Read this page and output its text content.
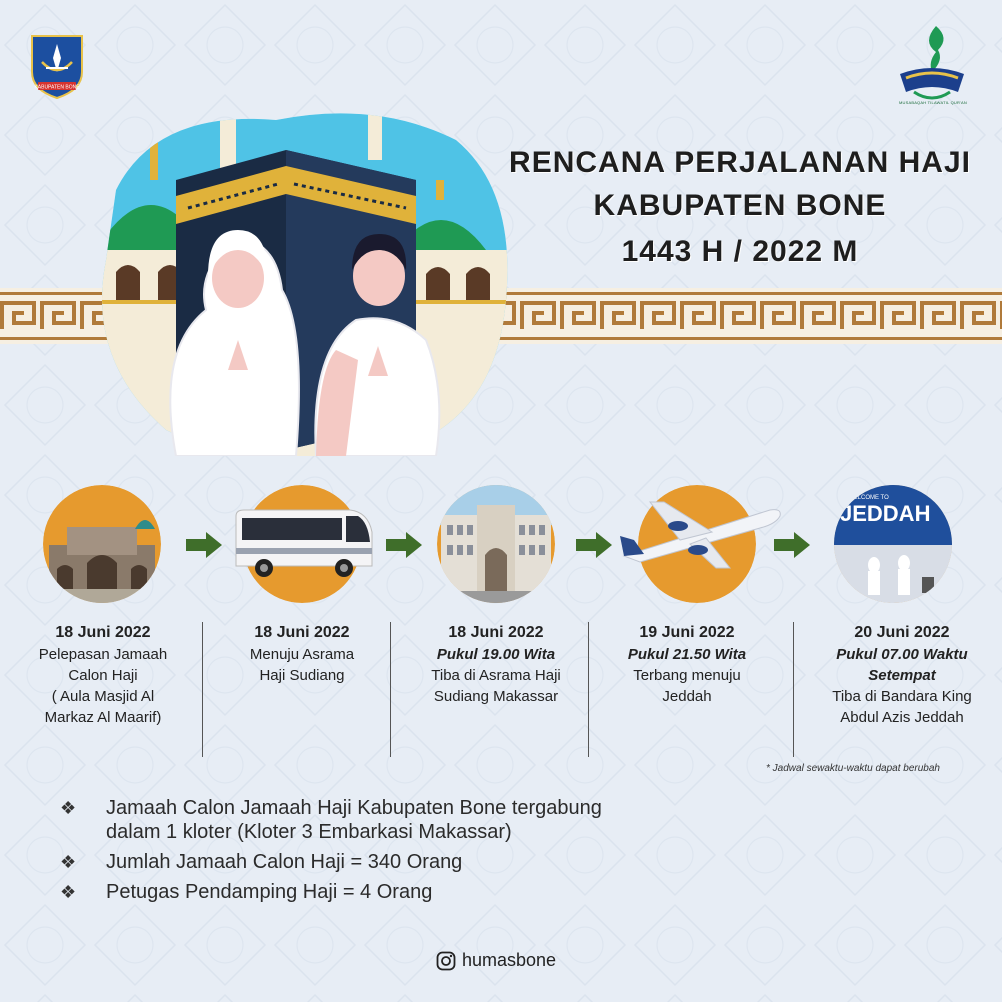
KABUPATEN BONE
XXXII
MUSABAQAH TILAWATIL QUR'AN
RENCANA PERJALANAN HAJI
KABUPATEN BONE
1443 H / 2022 M
WELCOME TO
JEDDAH
18 Juni 2022
Pelepasan Jamaah
Calon Haji
( Aula Masjid Al
Markaz Al Maarif)
18 Juni 2022
Menuju Asrama
Haji Sudiang
18 Juni 2022
Pukul 19.00 Wita
Tiba di Asrama Haji
Sudiang Makassar
19 Juni 2022
Pukul 21.50 Wita
Terbang menuju
Jeddah
20 Juni 2022
Pukul 07.00 Waktu
Setempat
Tiba di Bandara King
Abdul Azis Jeddah
* Jadwal sewaktu-waktu dapat berubah
❖	Jamaah Calon Jamaah Haji Kabupaten Bone tergabung
dalam 1 kloter (Kloter 3 Embarkasi Makassar)
❖	Jumlah Jamaah Calon Haji = 340 Orang
❖	Petugas Pendamping Haji = 4 Orang
humasbone
